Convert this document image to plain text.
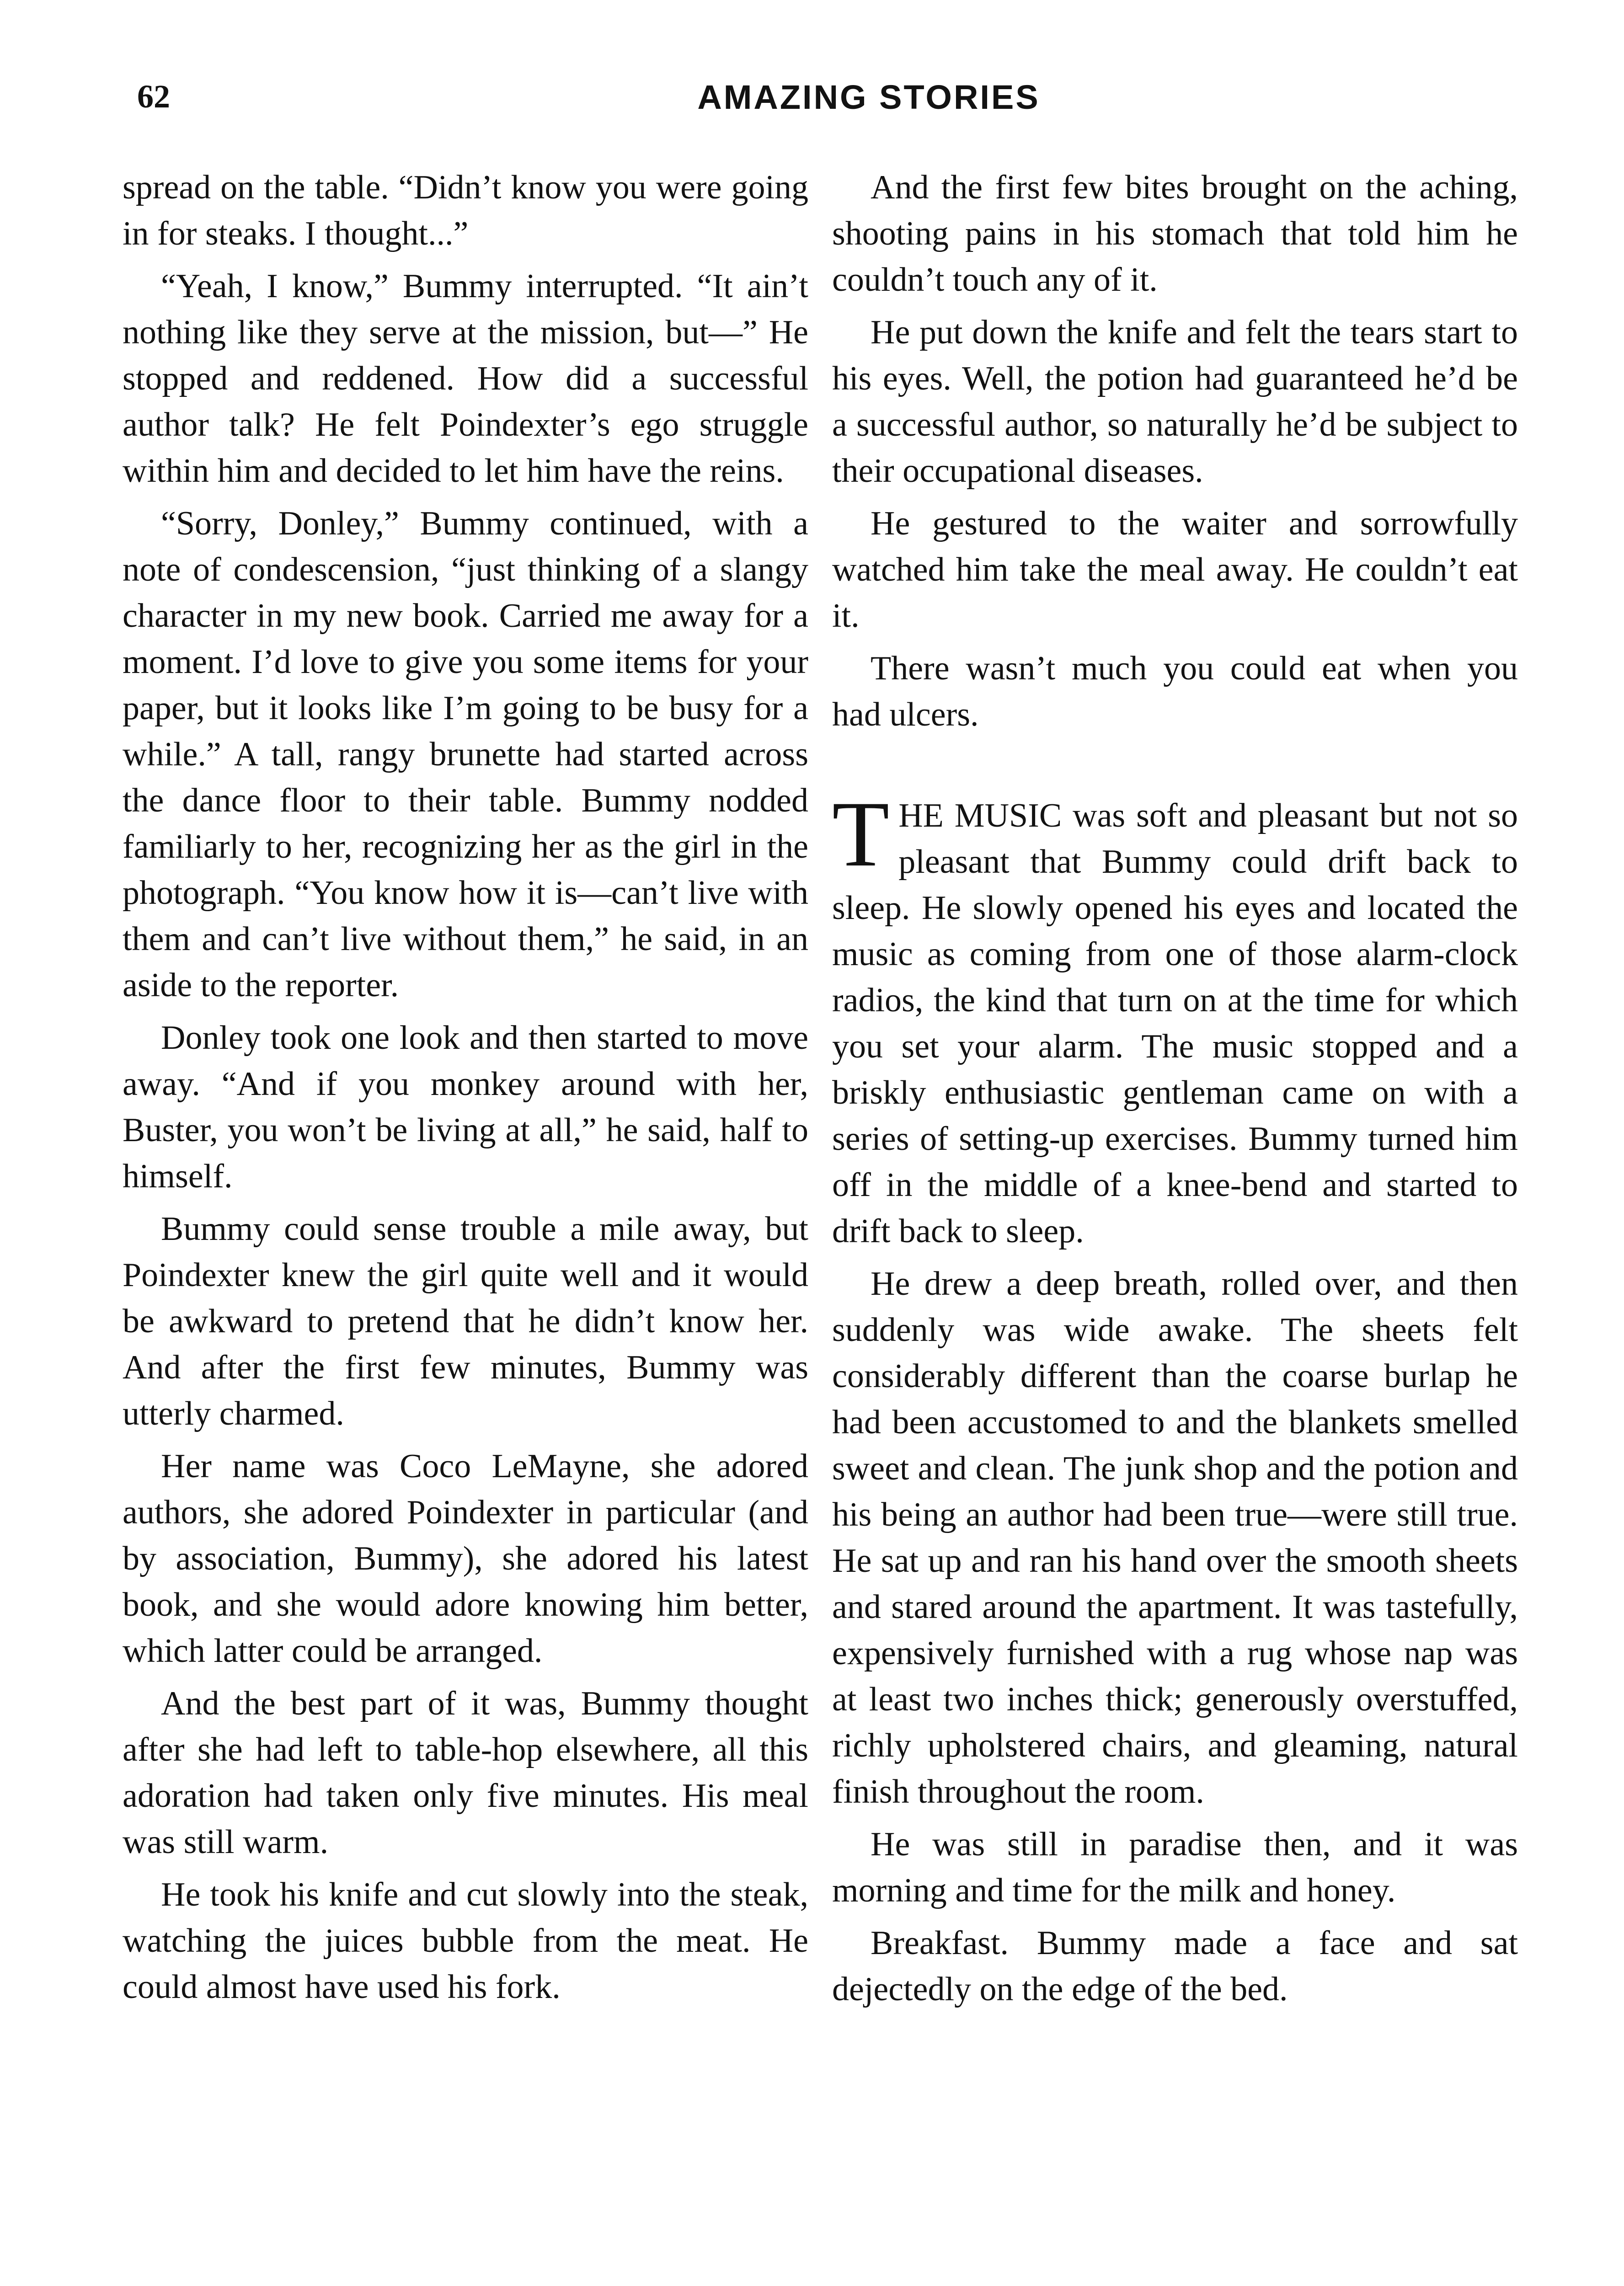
62	AMAZING STORIES

spread on the table. “Didn’t know you were going in for steaks. I thought...”

“Yeah, I know,” Bummy interrupted. “It ain’t nothing like they serve at the mission, but—” He stopped and reddened. How did a successful author talk? He felt Poindexter’s ego struggle within him and decided to let him have the reins.

“Sorry, Donley,” Bummy continued, with a note of condescension, “just thinking of a slangy character in my new book. Carried me away for a moment. I’d love to give you some items for your paper, but it looks like I’m going to be busy for a while.” A tall, rangy brunette had started across the dance floor to their table. Bummy nodded familiarly to her, recognizing her as the girl in the photograph. “You know how it is—can’t live with them and can’t live without them,” he said, in an aside to the reporter.

Donley took one look and then started to move away. “And if you monkey around with her, Buster, you won’t be living at all,” he said, half to himself.

Bummy could sense trouble a mile away, but Poindexter knew the girl quite well and it would be awkward to pretend that he didn’t know her. And after the first few minutes, Bummy was utterly charmed.

Her name was Coco LeMayne, she adored authors, she adored Poindexter in particular (and by association, Bummy), she adored his latest book, and she would adore knowing him better, which latter could be arranged.

And the best part of it was, Bummy thought after she had left to table-hop elsewhere, all this adoration had taken only five minutes. His meal was still warm.

He took his knife and cut slowly into the steak, watching the juices bubble from the meat. He could almost have used his fork.

And the first few bites brought on the aching, shooting pains in his stomach that told him he couldn’t touch any of it.

He put down the knife and felt the tears start to his eyes. Well, the potion had guaranteed he’d be a successful author, so naturally he’d be subject to their occupational diseases.

He gestured to the waiter and sorrowfully watched him take the meal away. He couldn’t eat it.

There wasn’t much you could eat when you had ulcers.

THE MUSIC was soft and pleasant but not so pleasant that Bummy could drift back to sleep. He slowly opened his eyes and located the music as coming from one of those alarm-clock radios, the kind that turn on at the time for which you set your alarm. The music stopped and a briskly enthusiastic gentleman came on with a series of setting-up exercises. Bummy turned him off in the middle of a knee-bend and started to drift back to sleep.

He drew a deep breath, rolled over, and then suddenly was wide awake. The sheets felt considerably different than the coarse burlap he had been accustomed to and the blankets smelled sweet and clean. The junk shop and the potion and his being an author had been true—were still true. He sat up and ran his hand over the smooth sheets and stared around the apartment. It was tastefully, expensively furnished with a rug whose nap was at least two inches thick; generously overstuffed, richly upholstered chairs, and gleaming, natural finish throughout the room.

He was still in paradise then, and it was morning and time for the milk and honey.

Breakfast. Bummy made a face and sat dejectedly on the edge of the bed.
